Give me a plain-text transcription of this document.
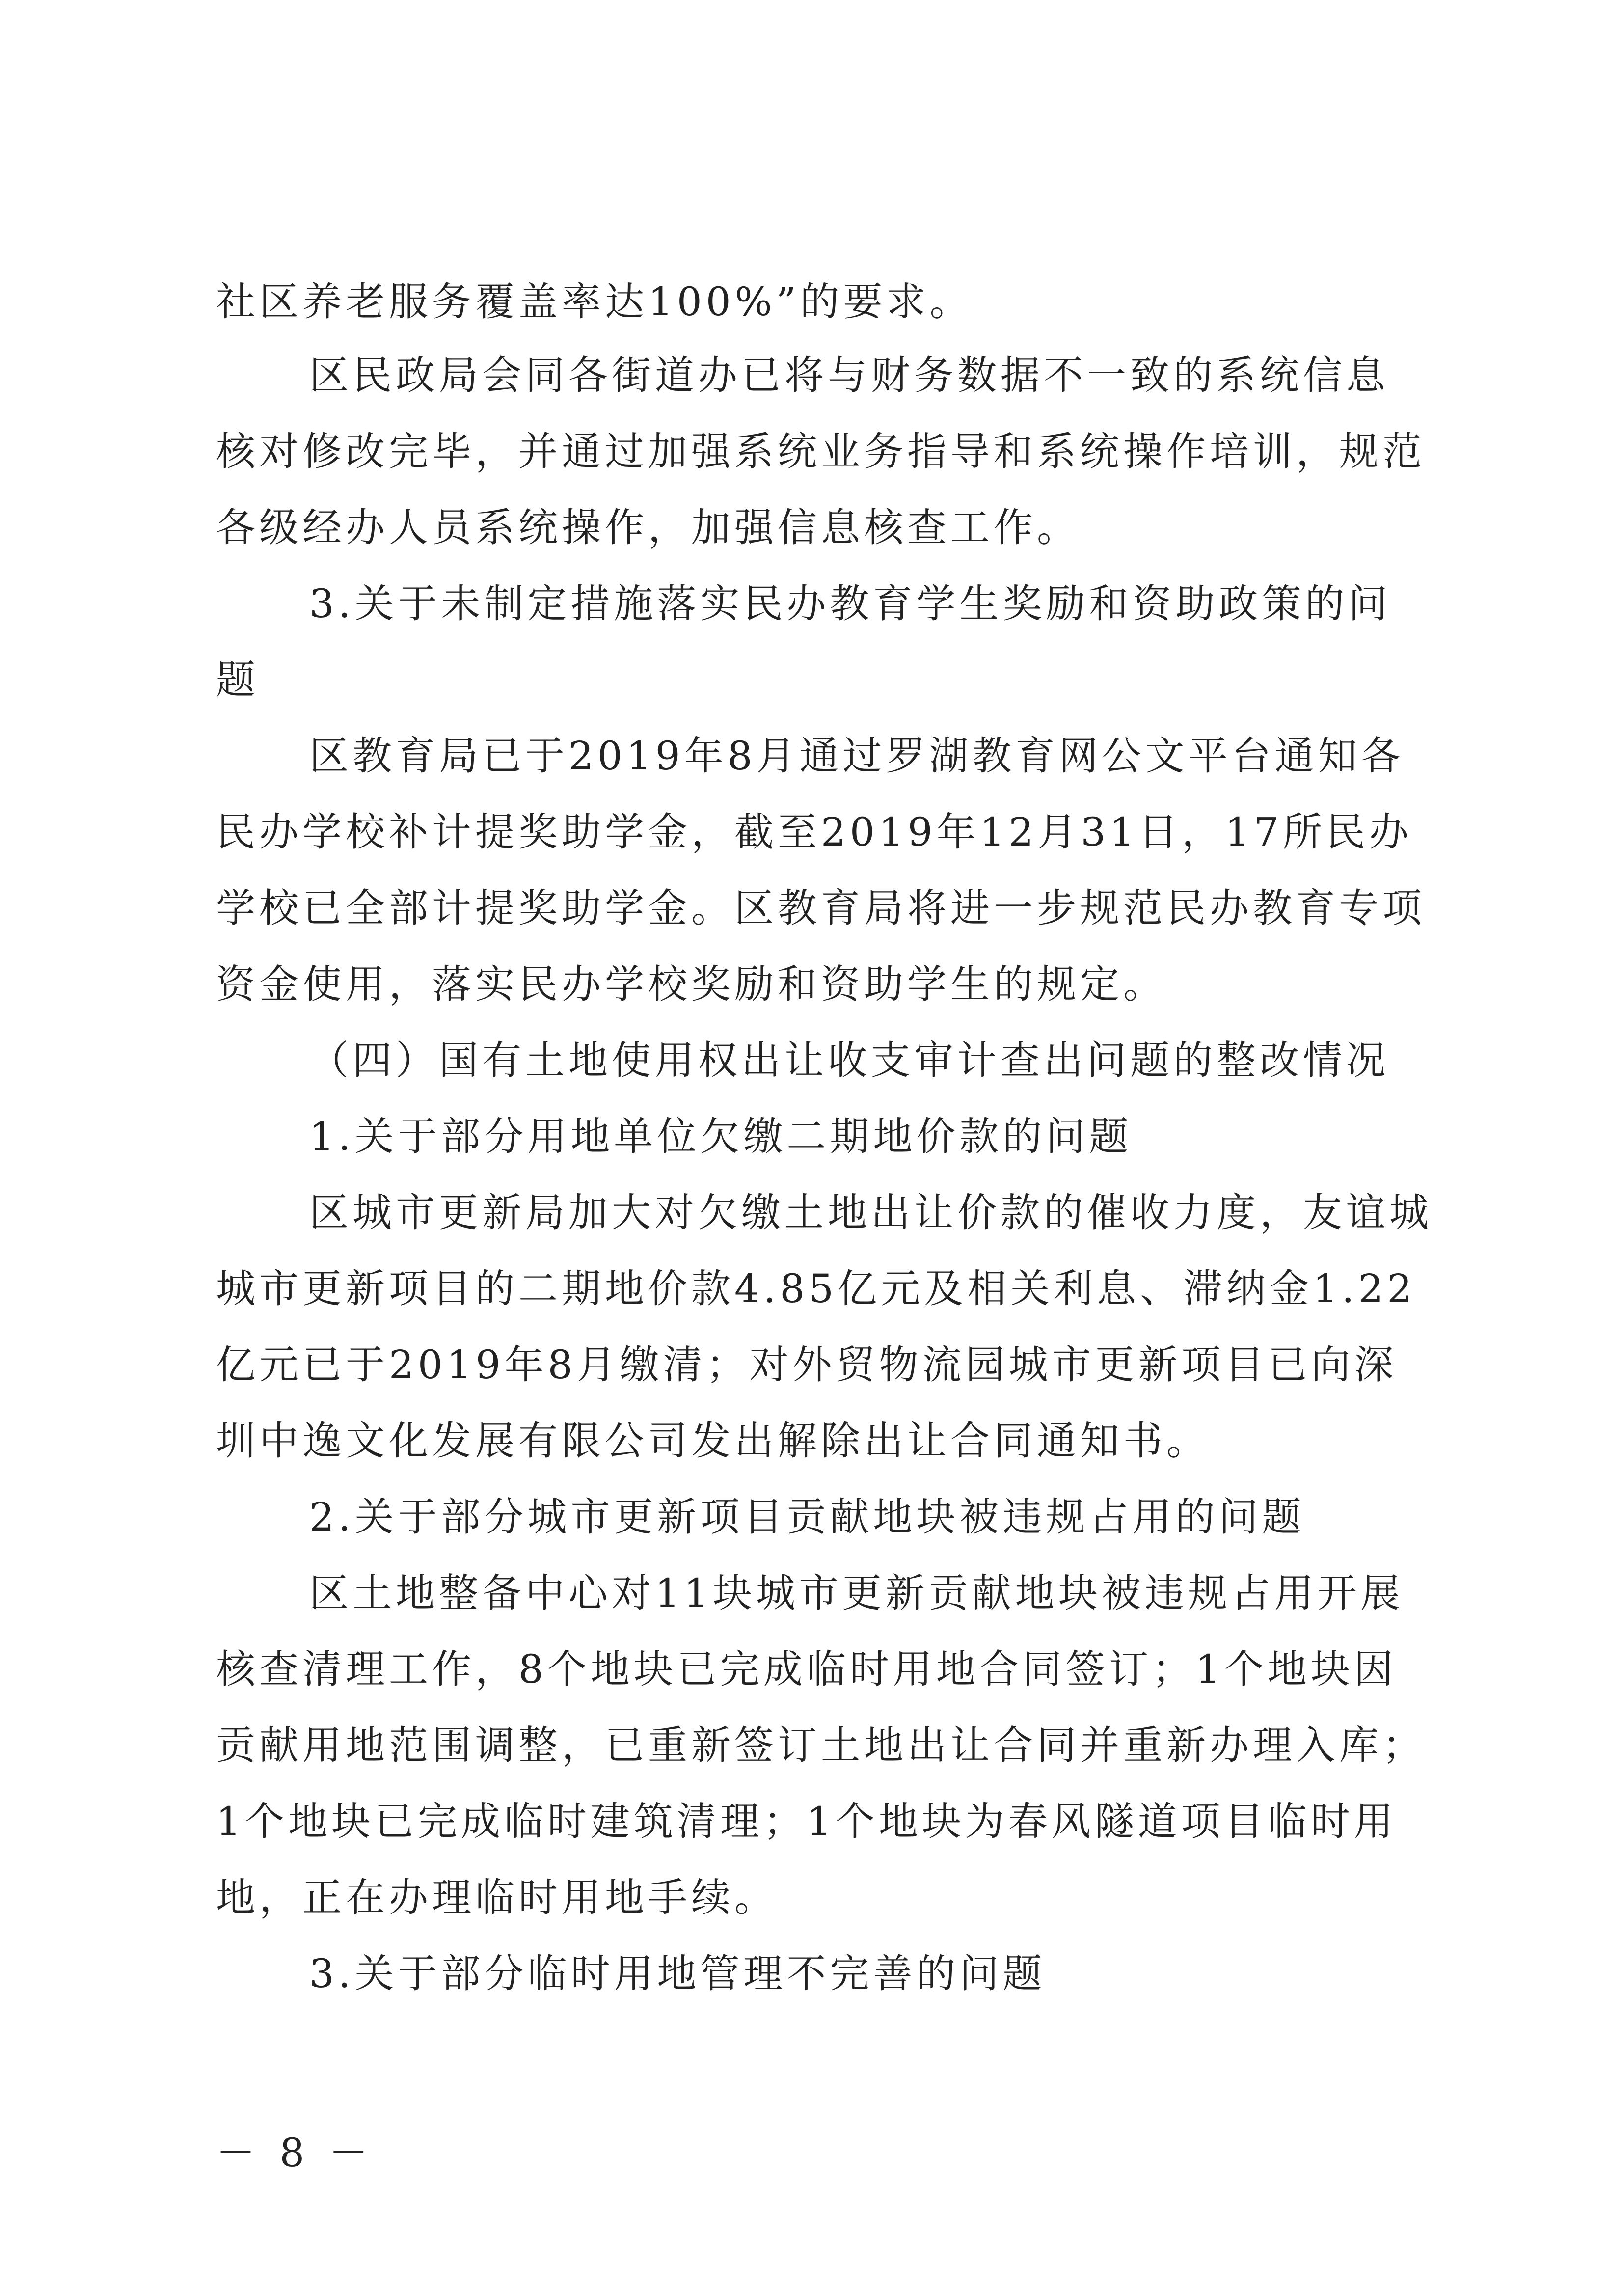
社区养老服务覆盖率达100%”的要求。
区民政局会同各街道办已将与财务数据不一致的系统信息
核对修改完毕，并通过加强系统业务指导和系统操作培训，规范
各级经办人员系统操作，加强信息核查工作。
3.关于未制定措施落实民办教育学生奖励和资助政策的问
题
区教育局已于2019年8月通过罗湖教育网公文平台通知各
民办学校补计提奖助学金，截至2019年12月31日，17所民办
学校已全部计提奖助学金。区教育局将进一步规范民办教育专项
资金使用，落实民办学校奖励和资助学生的规定。
（四）国有土地使用权出让收支审计查出问题的整改情况
1.关于部分用地单位欠缴二期地价款的问题
区城市更新局加大对欠缴土地出让价款的催收力度，友谊城
城市更新项目的二期地价款4.85亿元及相关利息、滞纳金1.22
亿元已于2019年8月缴清；对外贸物流园城市更新项目已向深
圳中逸文化发展有限公司发出解除出让合同通知书。
2.关于部分城市更新项目贡献地块被违规占用的问题
区土地整备中心对11块城市更新贡献地块被违规占用开展
核查清理工作，8个地块已完成临时用地合同签订；1个地块因
贡献用地范围调整，已重新签订土地出让合同并重新办理入库；
1个地块已完成临时建筑清理；1个地块为春风隧道项目临时用
地，正在办理临时用地手续。
3.关于部分临时用地管理不完善的问题
－ 8 －
